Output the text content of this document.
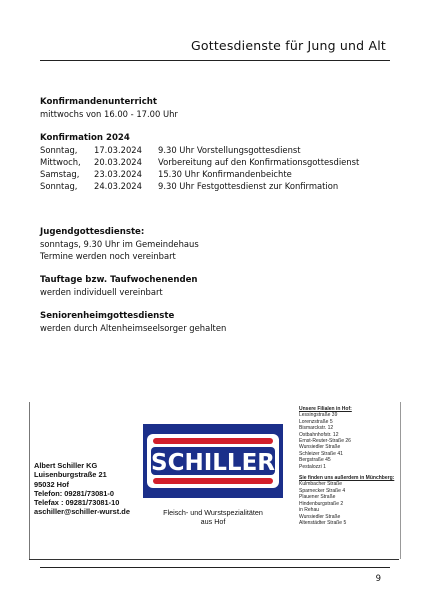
Gottesdienste für Jung und Alt
Konfirmandenunterricht

mittwochs von 16.00 - 17.00 Uhr

Konfirmation 2024
Sonntag,	17.03.2024	9.30 Uhr Vorstellungsgottesdienst
Mittwoch,	20.03.2024	Vorbereitung auf den Konfirmationsgottesdienst
Samstag,	23.03.2024	15.30 Uhr Konfirmandenbeichte
Sonntag,	24.03.2024	9.30 Uhr Festgottesdienst zur Konfirmation
Jugendgottesdienste:

sonntags, 9.30 Uhr im Gemeindehaus

Termine werden noch vereinbart

Tauftage bzw. Taufwochenenden

werden individuell vereinbart

Seniorenheimgottesdienste

werden durch Altenheimseelsorger gehalten

Albert Schiller KG
Luisenburgstraße 21
95032 Hof
Telefon: 09281/73081-0
Telefax : 09281/73081-10
aschiller@schiller-wurst.de
SCHILLER
Fleisch- und Wurstspezialitäten
aus Hof
Unsere Filialen in Hof:
Lessingstraße 39
Lorenzstraße 5
Bismarckstr. 12
Ostbahnhofstr. 12
Ernst-Reuter-Straße 26
Wunsiedler Straße
Schleizer Straße 41
Bergstraße 45
Pestalozzi 1
Sie finden uns außerdem in Münchberg:
Kulmbacher Straße
Sparnecker Straße 4
Plauener Straße
Hindenburgstraße 2
in Rehau
Wunsiedler Straße
Altenstädter Straße 5
9
